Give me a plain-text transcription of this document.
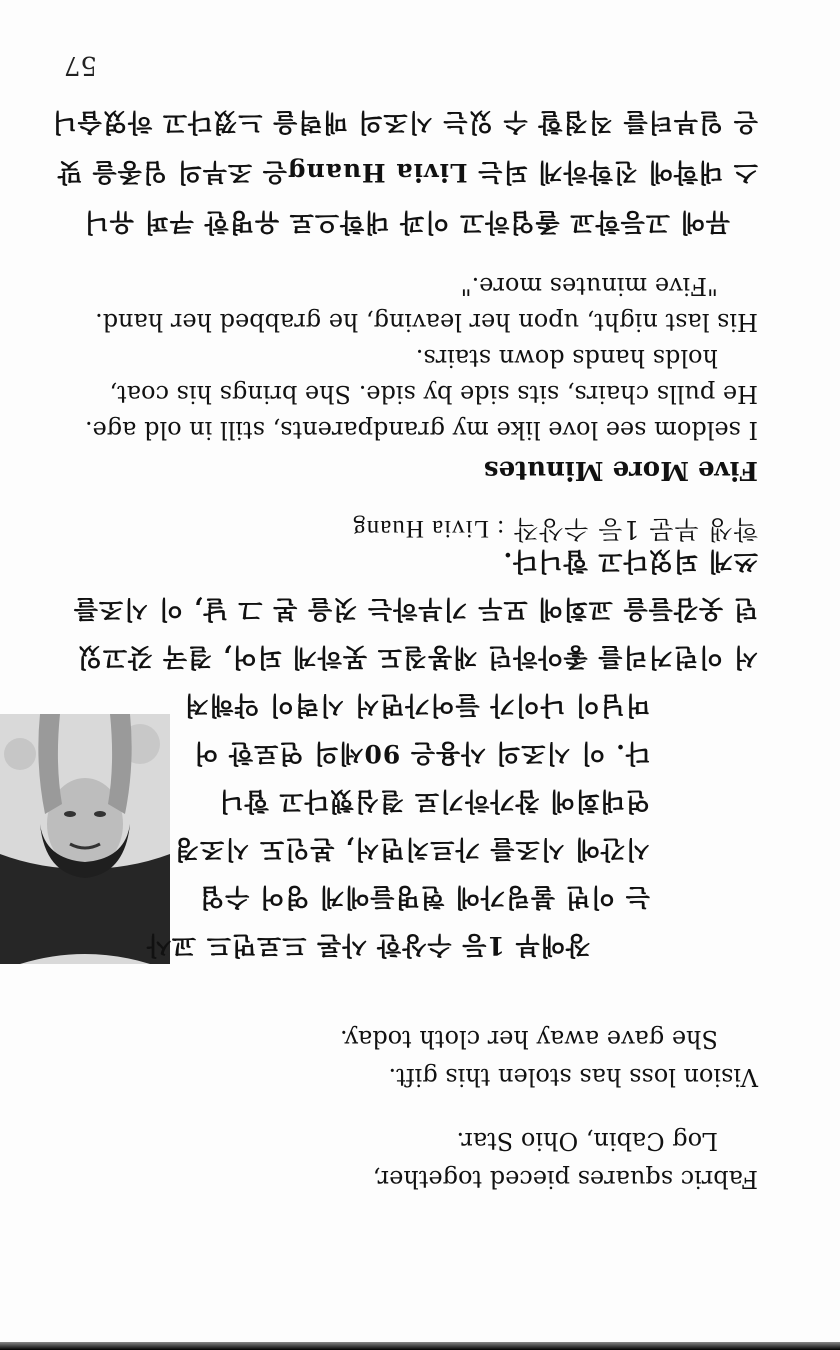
Fabric squares pieced together,
Log Cabin, Ohio Star.
Vision loss has stolen this gift.
She gave away her cloth today.
장애부 1등 수상한 사론 드로먼드 교사
는 이번 불링가에 현명들에게 영어 수업
시간에 시조를 가르치면서, 본인도 시조경
연대회에 참가하기로 결심했다고 합니
다. 이 시조의 사용은 90세의 연로한 어
머님이 나이가 들어가면서 시력이 약해져
서 이런거리를 좋아하던 재봉질도 못하게 되어, 결국 갖고있
던 옷감들을 교회에 모두 기부하는 것을 본 그 날, 이 시조를
쓰게 되었다고 합니다.
학생 부문 1등 수상작 : Livia Huang
Five More Minutes
I seldom see love like my grandparents, still in old age.
He pulls chairs, sits side by side. She brings his coat,
holds hands down stairs.
His last night, upon her leaving, he grabbed her hand.
"Five minutes more."
뮤에 고등학교 졸업하고 이과 대학으로 유명한 쿠퍼 유니
스 대학에 진학하게 되는 Livia Huang은 조부의 임종을 맞
은 일부터를 직접할 수 있는 시조의 매력을 느꼈다고 하였습니
57
